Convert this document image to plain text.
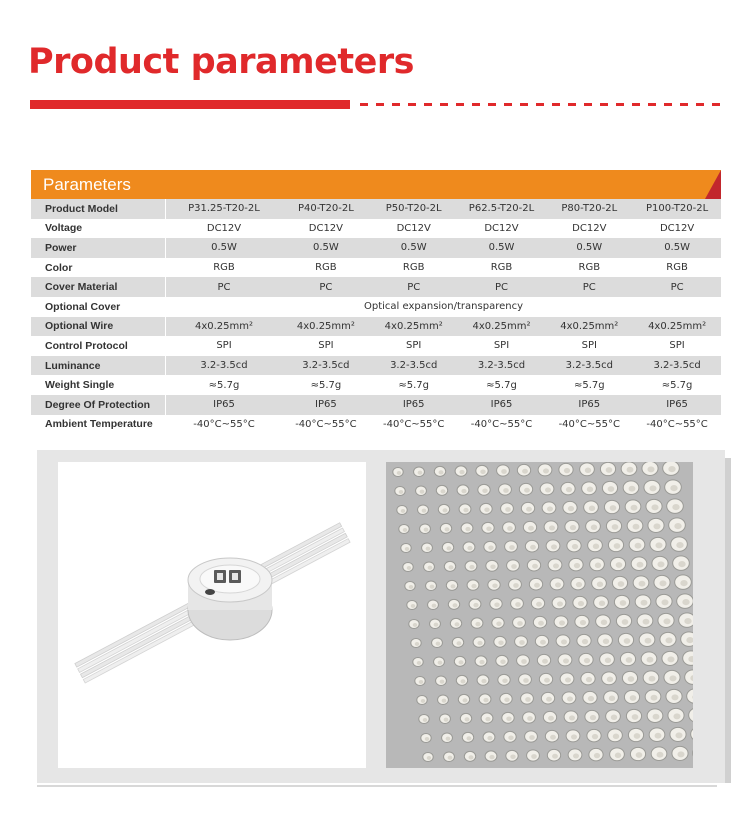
Product parameters
Parameters
Product Model	P31.25-T20-2L	P40-T20-2L	P50-T20-2L	P62.5-T20-2L	P80-T20-2L	P100-T20-2L
Voltage	DC12V	DC12V	DC12V	DC12V	DC12V	DC12V
Power	0.5W	0.5W	0.5W	0.5W	0.5W	0.5W
Color	RGB	RGB	RGB	RGB	RGB	RGB
Cover Material	PC	PC	PC	PC	PC	PC
Optional Cover	Optical expansion/transparency
Optional Wire	4x0.25mm²	4x0.25mm²	4x0.25mm²	4x0.25mm²	4x0.25mm²	4x0.25mm²
Control Protocol	SPI	SPI	SPI	SPI	SPI	SPI
Luminance	3.2-3.5cd	3.2-3.5cd	3.2-3.5cd	3.2-3.5cd	3.2-3.5cd	3.2-3.5cd
Weight Single	≈5.7g	≈5.7g	≈5.7g	≈5.7g	≈5.7g	≈5.7g
Degree Of Protection	IP65	IP65	IP65	IP65	IP65	IP65
Ambient Temperature	-40°C~55°C	-40°C~55°C	-40°C~55°C	-40°C~55°C	-40°C~55°C	-40°C~55°C
